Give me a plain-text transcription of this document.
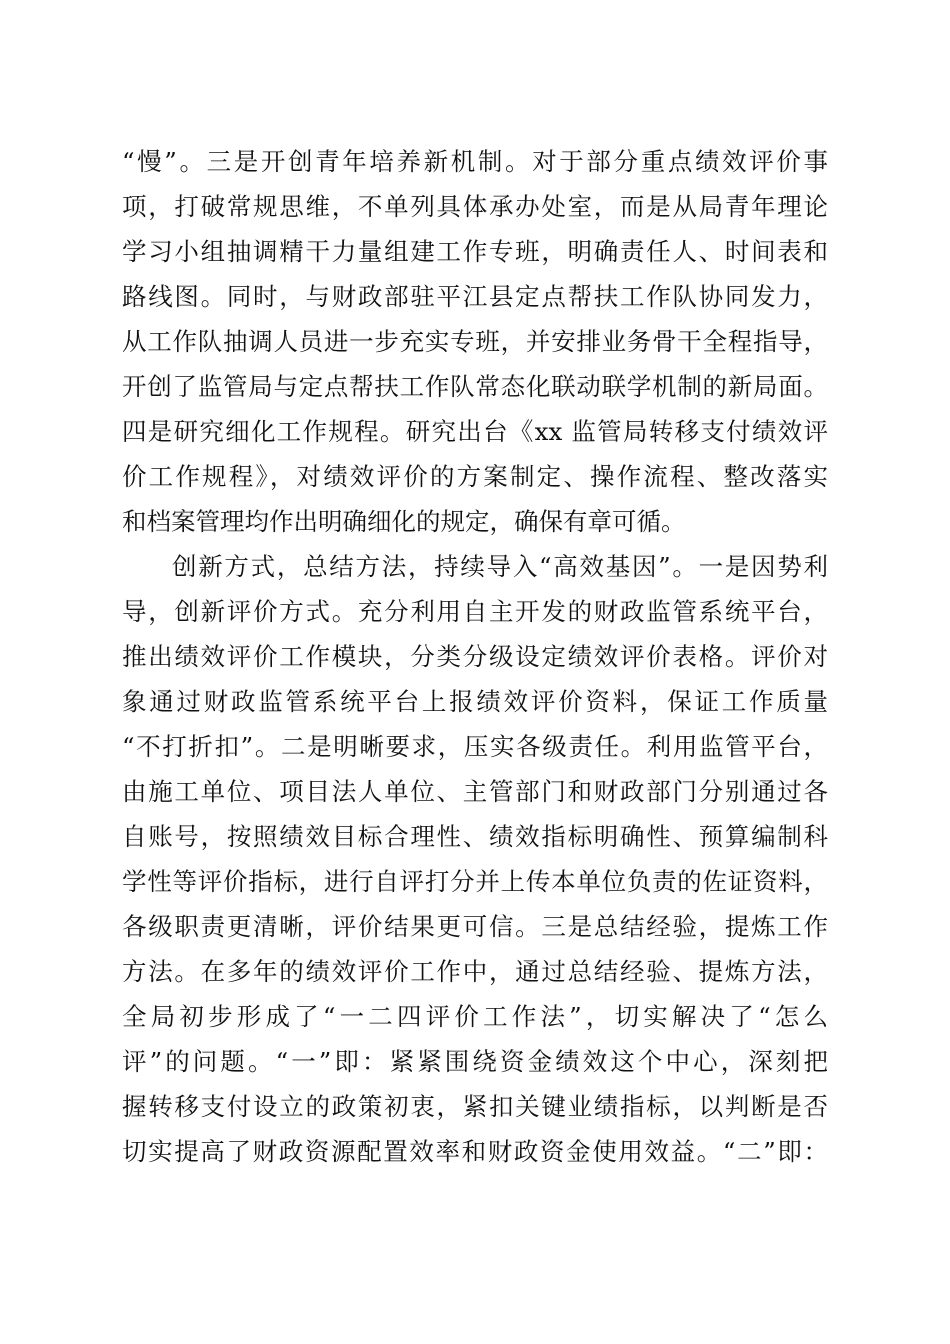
“慢”。三是开创青年培养新机制。对于部分重点绩效评价事
项，打破常规思维，不单列具体承办处室，而是从局青年理论
学习小组抽调精干力量组建工作专班，明确责任人、时间表和
路线图。同时，与财政部驻平江县定点帮扶工作队协同发力，
从工作队抽调人员进一步充实专班，并安排业务骨干全程指导，
开创了监管局与定点帮扶工作队常态化联动联学机制的新局面。
四是研究细化工作规程。研究出台《xx 监管局转移支付绩效评
价工作规程》，对绩效评价的方案制定、操作流程、整改落实
和档案管理均作出明确细化的规定，确保有章可循。
创新方式，总结方法，持续导入“高效基因”。一是因势利
导，创新评价方式。充分利用自主开发的财政监管系统平台，
推出绩效评价工作模块，分类分级设定绩效评价表格。评价对
象通过财政监管系统平台上报绩效评价资料，保证工作质量
“不打折扣”。二是明晰要求，压实各级责任。利用监管平台，
由施工单位、项目法人单位、主管部门和财政部门分别通过各
自账号，按照绩效目标合理性、绩效指标明确性、预算编制科
学性等评价指标，进行自评打分并上传本单位负责的佐证资料，
各级职责更清晰，评价结果更可信。三是总结经验，提炼工作
方法。在多年的绩效评价工作中，通过总结经验、提炼方法，
全局初步形成了“一二四评价工作法”，切实解决了“怎么
评”的问题。“一”即：紧紧围绕资金绩效这个中心，深刻把
握转移支付设立的政策初衷，紧扣关键业绩指标，以判断是否
切实提高了财政资源配置效率和财政资金使用效益。“二”即：
